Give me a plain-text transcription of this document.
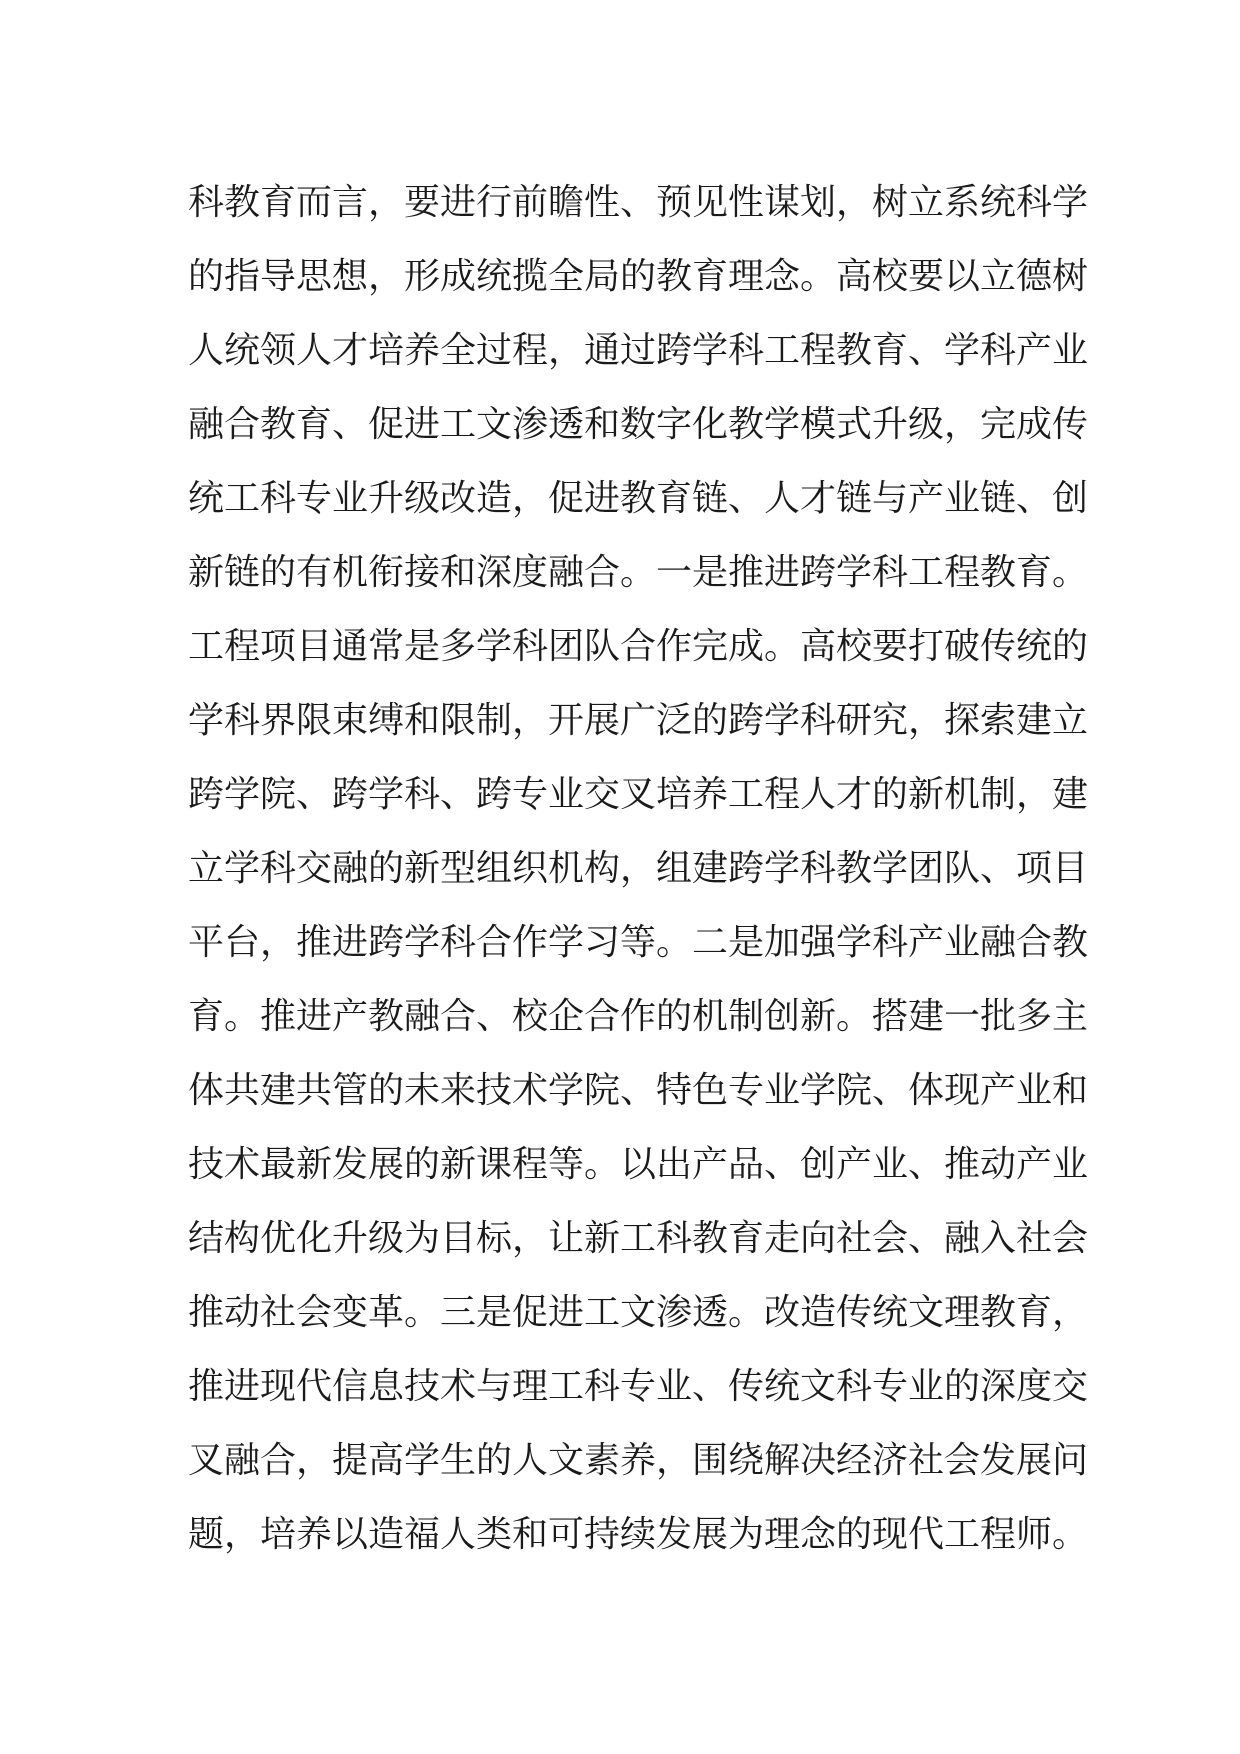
科教育而言，要进行前瞻性、预见性谋划，树立系统科学
的指导思想，形成统揽全局的教育理念。高校要以立德树
人统领人才培养全过程，通过跨学科工程教育、学科产业
融合教育、促进工文渗透和数字化教学模式升级，完成传
统工科专业升级改造，促进教育链、人才链与产业链、创
新链的有机衔接和深度融合。一是推进跨学科工程教育。
工程项目通常是多学科团队合作完成。高校要打破传统的
学科界限束缚和限制，开展广泛的跨学科研究，探索建立
跨学院、跨学科、跨专业交叉培养工程人才的新机制，建
立学科交融的新型组织机构，组建跨学科教学团队、项目
平台，推进跨学科合作学习等。二是加强学科产业融合教
育。推进产教融合、校企合作的机制创新。搭建一批多主
体共建共管的未来技术学院、特色专业学院、体现产业和
技术最新发展的新课程等。以出产品、创产业、推动产业
结构优化升级为目标，让新工科教育走向社会、融入社会
推动社会变革。三是促进工文渗透。改造传统文理教育，
推进现代信息技术与理工科专业、传统文科专业的深度交
叉融合，提高学生的人文素养，围绕解决经济社会发展问
题，培养以造福人类和可持续发展为理念的现代工程师。
